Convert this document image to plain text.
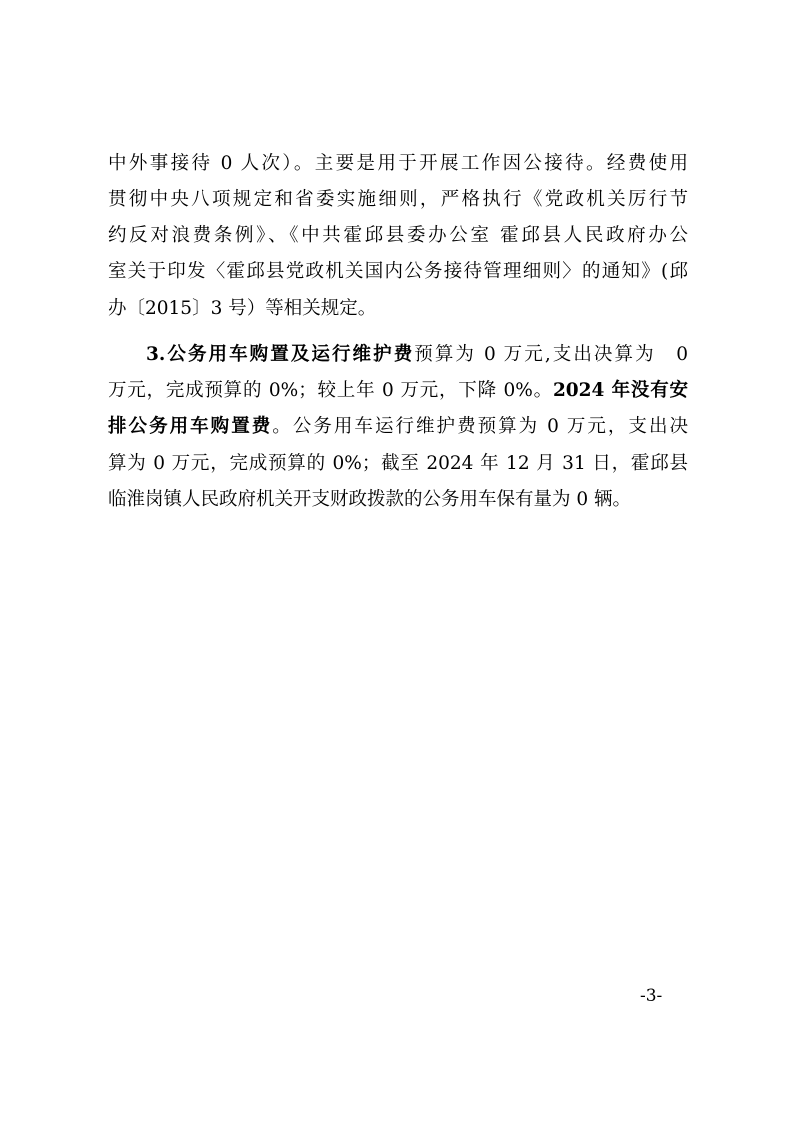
中外事接待 0 人次）。主要是用于开展工作因公接待。经费使用
贯彻中央八项规定和省委实施细则，严格执行《党政机关厉行节
约反对浪费条例》、《中共霍邱县委办公室 霍邱县人民政府办公
室关于印发〈霍邱县党政机关国内公务接待管理细则〉的通知》(邱
办〔2015〕3 号）等相关规定。
3.公务用车购置及运行维护费预算为 0 万元,支出决算为　0
万元，完成预算的 0%；较上年 0 万元，下降 0%。2024 年没有安
排公务用车购置费。公务用车运行维护费预算为 0 万元，支出决
算为 0 万元，完成预算的 0%；截至 2024 年 12 月 31 日，霍邱县
临淮岗镇人民政府机关开支财政拨款的公务用车保有量为 0 辆。
-3-
